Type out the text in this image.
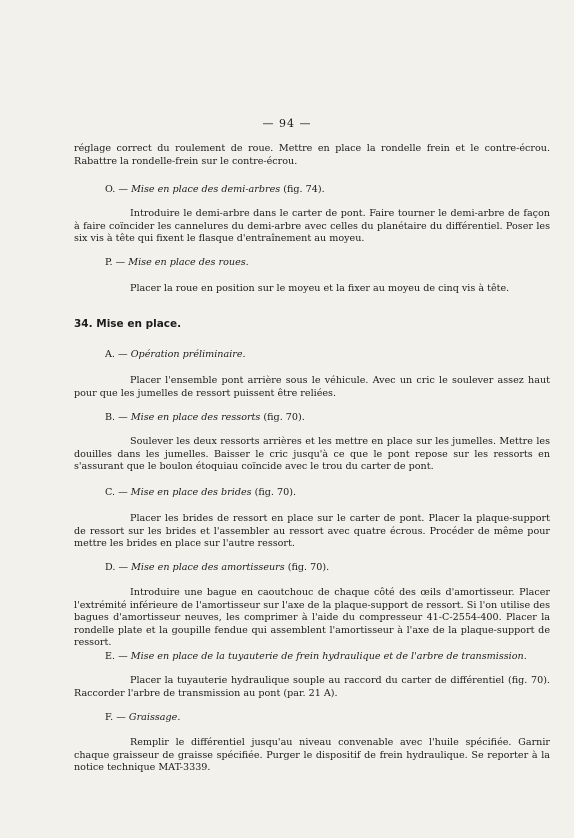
— 94 —
réglage correct du roulement de roue. Mettre en place la rondelle frein et le contre-écrou. Rabattre la rondelle-frein sur le contre-écrou.
O. — Mise en place des demi-arbres (fig. 74).
Introduire le demi-arbre dans le carter de pont. Faire tourner le demi-arbre de façon à faire coïncider les cannelures du demi-arbre avec celles du planétaire du différentiel. Poser les six vis à tête qui fixent le flasque d'entraînement au moyeu.
P. — Mise en place des roues.
Placer la roue en position sur le moyeu et la fixer au moyeu de cinq vis à tête.
34. Mise en place.
A. — Opération préliminaire.
Placer l'ensemble pont arrière sous le véhicule. Avec un cric le soulever assez haut pour que les jumelles de ressort puissent être reliées.
B. — Mise en place des ressorts (fig. 70).
Soulever les deux ressorts arrières et les mettre en place sur les jumelles. Mettre les douilles dans les jumelles. Baisser le cric jusqu'à ce que le pont repose sur les ressorts en s'assurant que le boulon étoquiau coïncide avec le trou du carter de pont.
C. — Mise en place des brides (fig. 70).
Placer les brides de ressort en place sur le carter de pont. Placer la plaque-support de ressort sur les brides et l'assembler au ressort avec quatre écrous. Procéder de même pour mettre les brides en place sur l'autre ressort.
D. — Mise en place des amortisseurs (fig. 70).
Introduire une bague en caoutchouc de chaque côté des œils d'amortisseur. Placer l'extrémité inférieure de l'amortisseur sur l'axe de la plaque-support de ressort. Si l'on utilise des bagues d'amortisseur neuves, les comprimer à l'aide du compresseur 41-C-2554-400. Placer la rondelle plate et la goupille fendue qui assemblent l'amortisseur à l'axe de la plaque-support de ressort.
E. — Mise en place de la tuyauterie de frein hydraulique et de l'arbre de transmission.
Placer la tuyauterie hydraulique souple au raccord du carter de différentiel (fig. 70). Raccorder l'arbre de transmission au pont (par. 21 A).
F. — Graissage.
Remplir le différentiel jusqu'au niveau convenable avec l'huile spécifiée. Garnir chaque graisseur de graisse spécifiée. Purger le dispositif de frein hydraulique. Se reporter à la notice technique MAT-3339.
